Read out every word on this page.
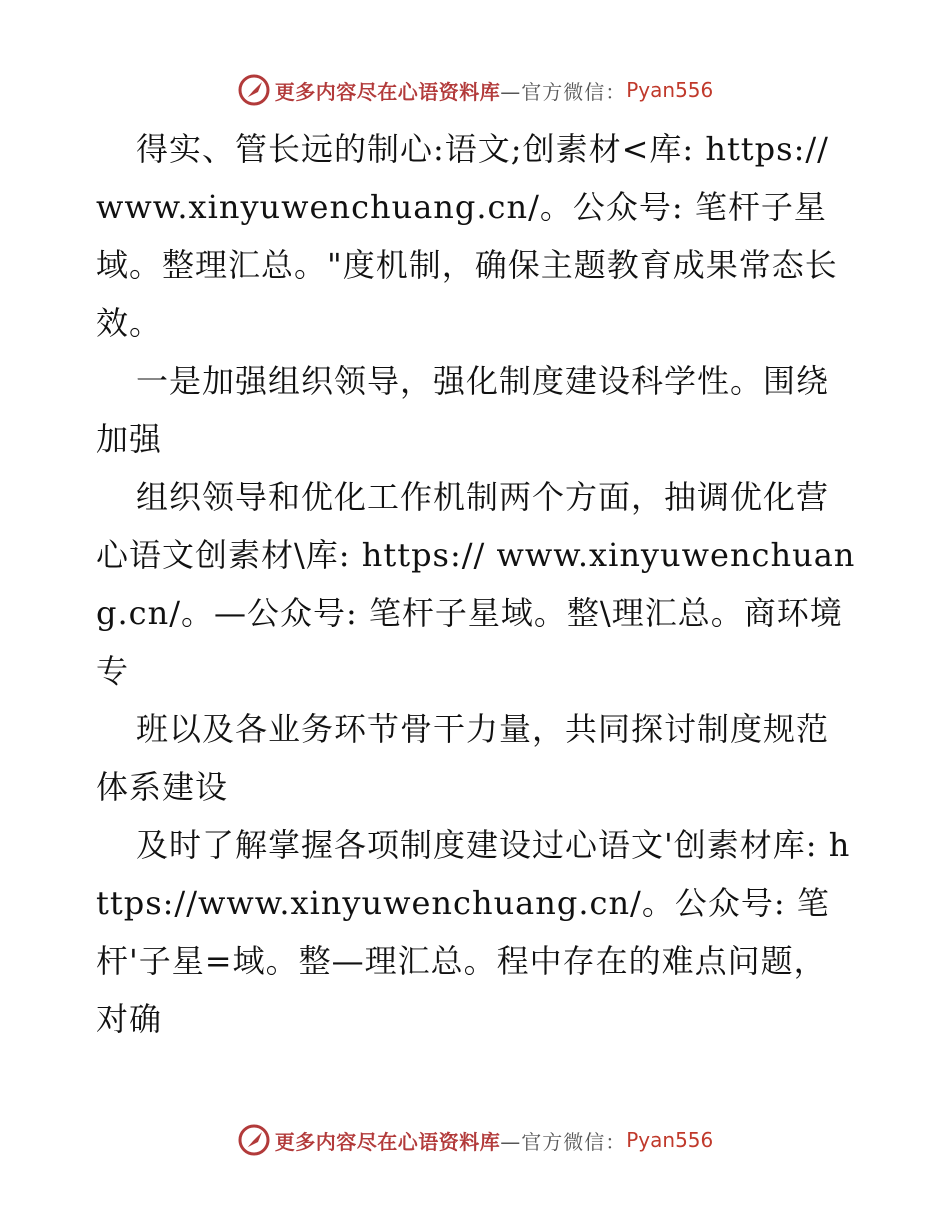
更多内容尽在心语资料库 —官方微信： Pyan556

得实、管长远的制心:语文;创素材<库: https://www.xinyuwenchuang.cn/。公众号: 笔杆子星域。整理汇总。"度机制，确保主题教育成果常态长效。

一是加强组织领导，强化制度建设科学性。围绕加强

组织领导和优化工作机制两个方面，抽调优化营心语文创素材\库: https:// www.xinyuwenchuang.cn/。—公众号: 笔杆子星域。整\理汇总。商环境专

班以及各业务环节骨干力量，共同探讨制度规范体系建设

及时了解掌握各项制度建设过心语文'创素材库: https://www.xinyuwenchuang.cn/。公众号: 笔杆'子星=域。整—理汇总。程中存在的难点问题，对确

更多内容尽在心语资料库 —官方微信： Pyan556
